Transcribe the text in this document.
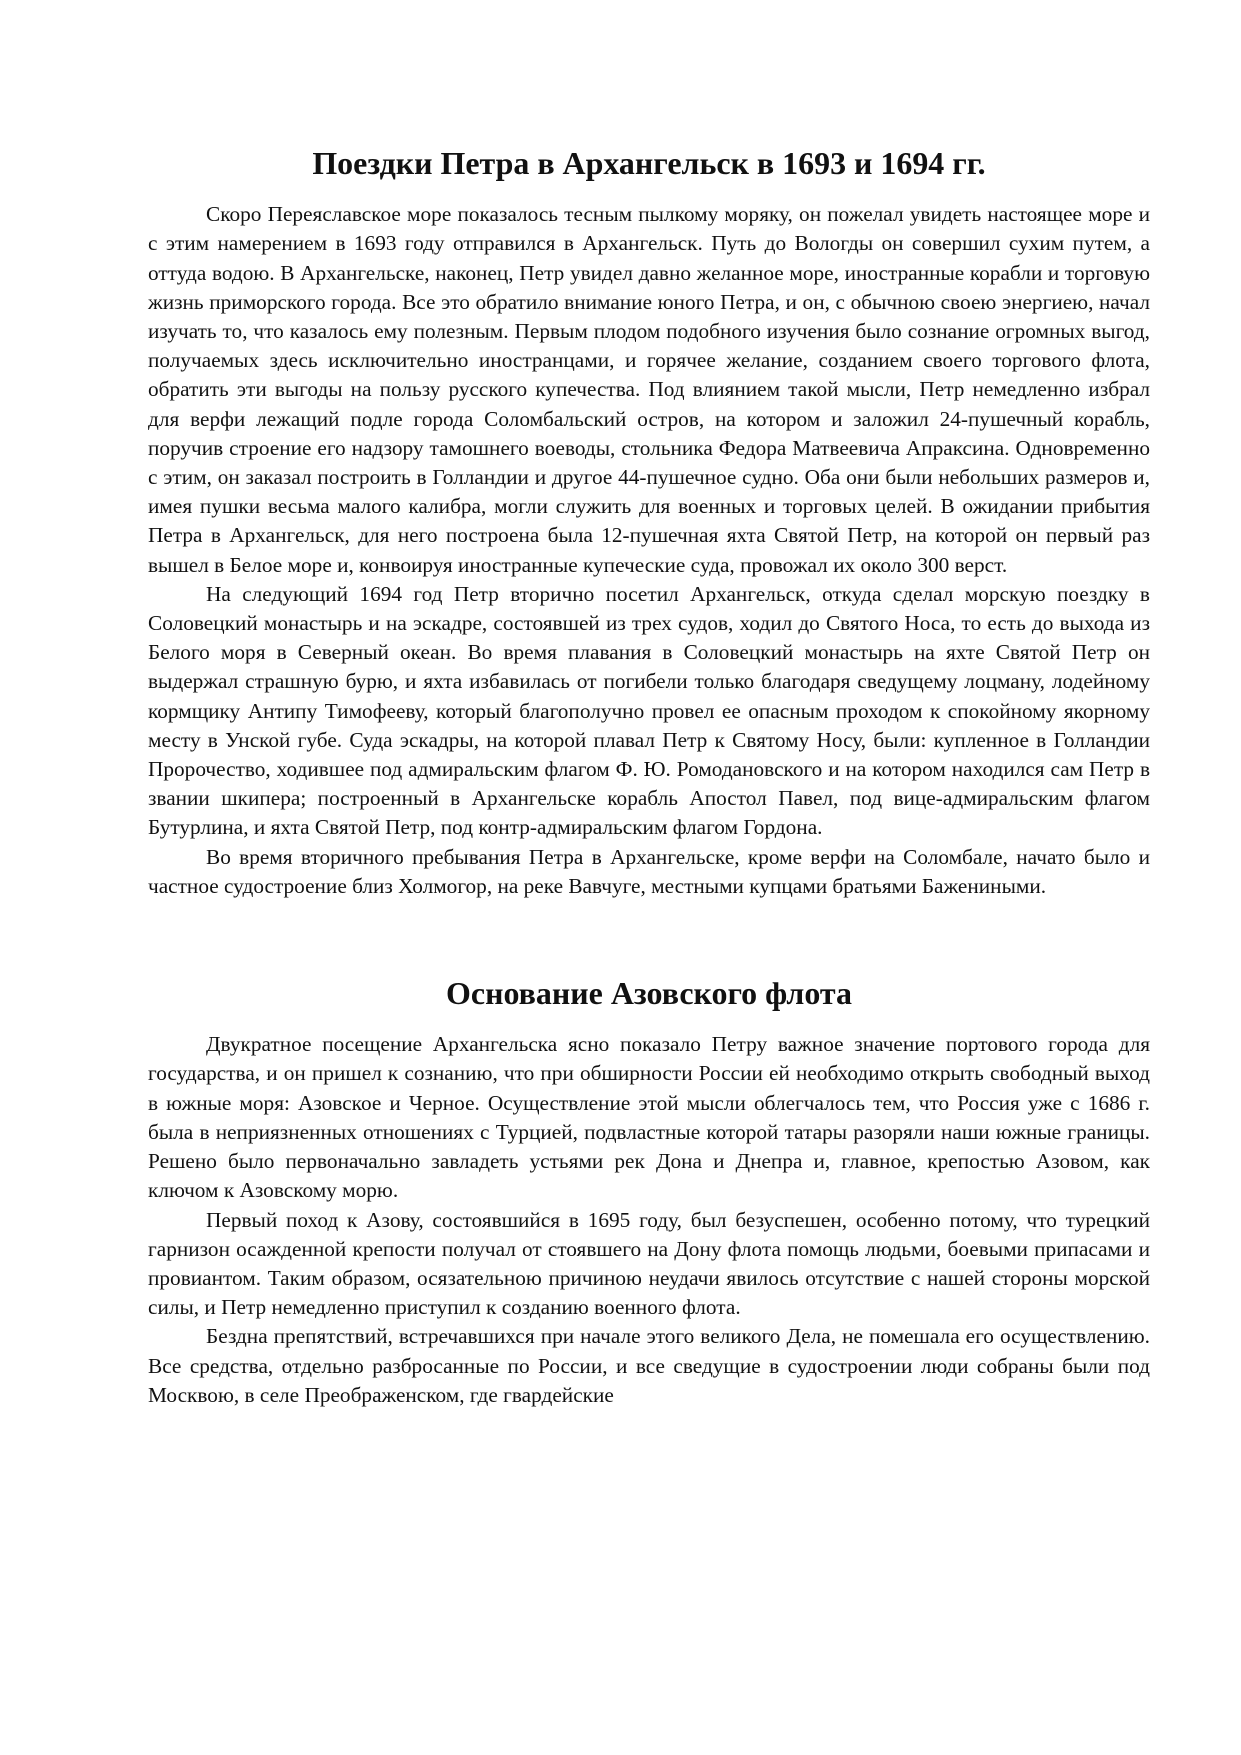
Поездки Петра в Архангельск в 1693 и 1694 гг.

Скоро Переяславское море показалось тесным пылкому моряку, он пожелал увидеть настоящее море и с этим намерением в 1693 году отправился в Архангельск. Путь до Вологды он совершил сухим путем, а оттуда водою. В Архангельске, наконец, Петр увидел давно желанное море, иностранные корабли и торговую жизнь приморского города. Все это обратило внимание юного Петра, и он, с обычною своею энергиею, начал изучать то, что казалось ему полезным. Первым плодом подобного изучения было сознание огромных выгод, получаемых здесь исключительно иностранцами, и горячее желание, созданием своего торгового флота, обратить эти выгоды на пользу русского купечества. Под влиянием такой мысли, Петр немедленно избрал для верфи лежащий подле города Соломбальский остров, на котором и заложил 24-пушечный корабль, поручив строение его надзору тамошнего воеводы, стольника Федора Матвеевича Апраксина. Одновременно с этим, он заказал построить в Голландии и другое 44-пушечное судно. Оба они были небольших размеров и, имея пушки весьма малого калибра, могли служить для военных и торговых целей. В ожидании прибытия Петра в Архангельск, для него построена была 12-пушечная яхта Святой Петр, на которой он первый раз вышел в Белое море и, конвоируя иностранные купеческие суда, провожал их около 300 верст.

На следующий 1694 год Петр вторично посетил Архангельск, откуда сделал морскую поездку в Соловецкий монастырь и на эскадре, состоявшей из трех судов, ходил до Святого Носа, то есть до выхода из Белого моря в Северный океан. Во время плавания в Соловецкий монастырь на яхте Святой Петр он выдержал страшную бурю, и яхта избавилась от погибели только благодаря сведущему лоцману, лодейному кормщику Антипу Тимофееву, который благополучно провел ее опасным проходом к спокойному якорному месту в Унской губе. Суда эскадры, на которой плавал Петр к Святому Носу, были: купленное в Голландии Пророчество, ходившее под адмиральским флагом Ф. Ю. Ромодановского и на котором находился сам Петр в звании шкипера; построенный в Архангельске корабль Апостол Павел, под вице-адмиральским флагом Бутурлина, и яхта Святой Петр, под контр-адмиральским флагом Гордона.

Во время вторичного пребывания Петра в Архангельске, кроме верфи на Соломбале, начато было и частное судостроение близ Холмогор, на реке Вавчуге, местными купцами братьями Бажениными.

Основание Азовского флота

Двукратное посещение Архангельска ясно показало Петру важное значение портового города для государства, и он пришел к сознанию, что при обширности России ей необходимо открыть свободный выход в южные моря: Азовское и Черное. Осуществление этой мысли облегчалось тем, что Россия уже с 1686 г. была в неприязненных отношениях с Турцией, подвластные которой татары разоряли наши южные границы. Решено было первоначально завладеть устьями рек Дона и Днепра и, главное, крепостью Азовом, как ключом к Азовскому морю.

Первый поход к Азову, состоявшийся в 1695 году, был безуспешен, особенно потому, что турецкий гарнизон осажденной крепости получал от стоявшего на Дону флота помощь людьми, боевыми припасами и провиантом. Таким образом, осязательною причиною неудачи явилось отсутствие с нашей стороны морской силы, и Петр немедленно приступил к созданию военного флота.

Бездна препятствий, встречавшихся при начале этого великого Дела, не помешала его осуществлению. Все средства, отдельно разбросанные по России, и все сведущие в судостроении люди собраны были под Москвою, в селе Преображенском, где гвардейские
